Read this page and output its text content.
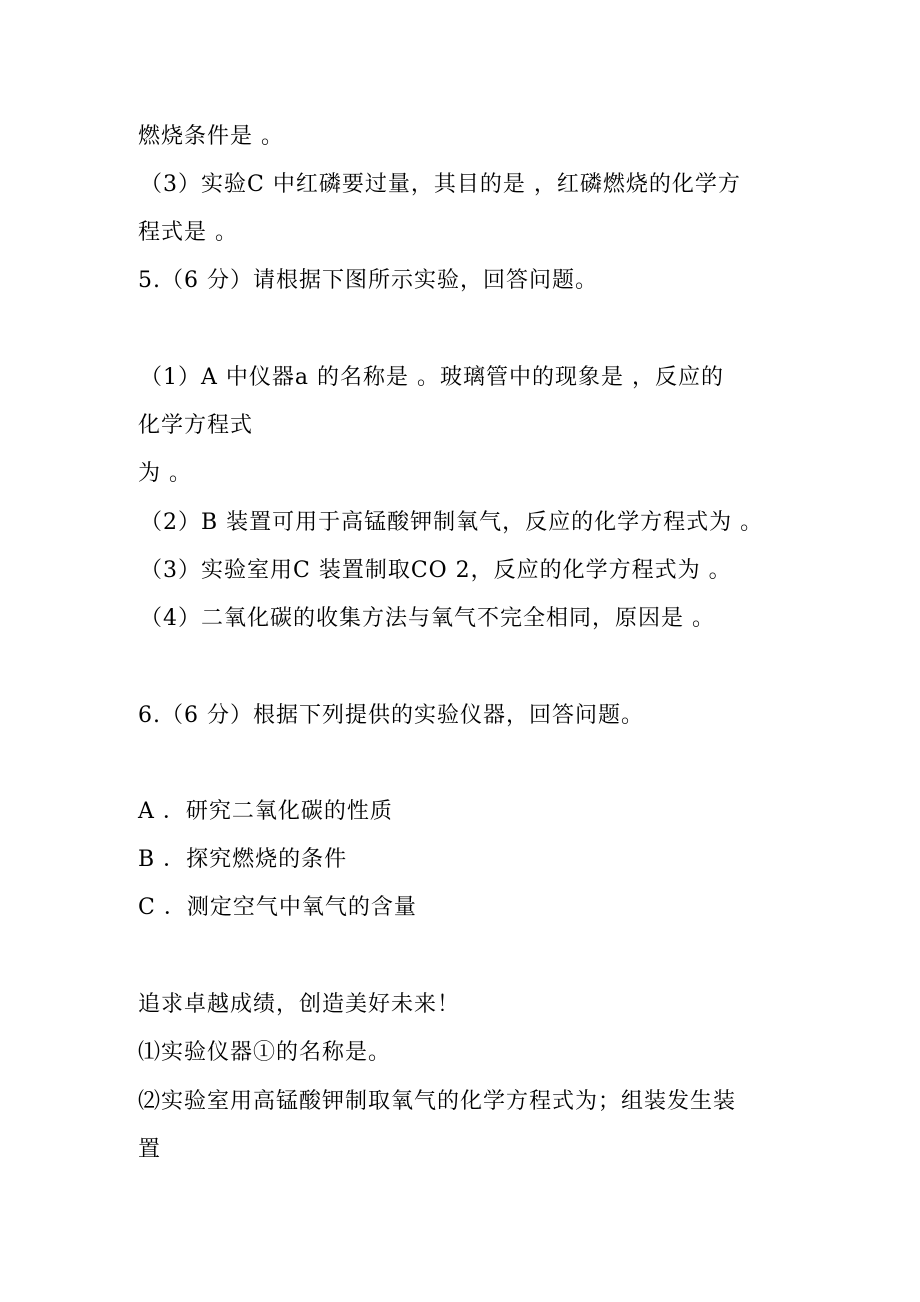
燃烧条件是 。
（3）实验C 中红磷要过量，其目的是 ，红磷燃烧的化学方
程式是 。
5.（6 分）请根据下图所示实验，回答问题。
（1）A 中仪器a 的名称是 。玻璃管中的现象是 ，反应的
化学方程式
为 。
（2）B 装置可用于高锰酸钾制氧气，反应的化学方程式为 。
（3）实验室用C 装置制取CO 2，反应的化学方程式为 。
（4）二氧化碳的收集方法与氧气不完全相同，原因是 。
6.（6 分）根据下列提供的实验仪器，回答问题。
A ．研究二氧化碳的性质
B ．探究燃烧的条件
C ．测定空气中氧气的含量
追求卓越成绩，创造美好未来！
⑴实验仪器①的名称是。
⑵实验室用高锰酸钾制取氧气的化学方程式为；组装发生装
置
